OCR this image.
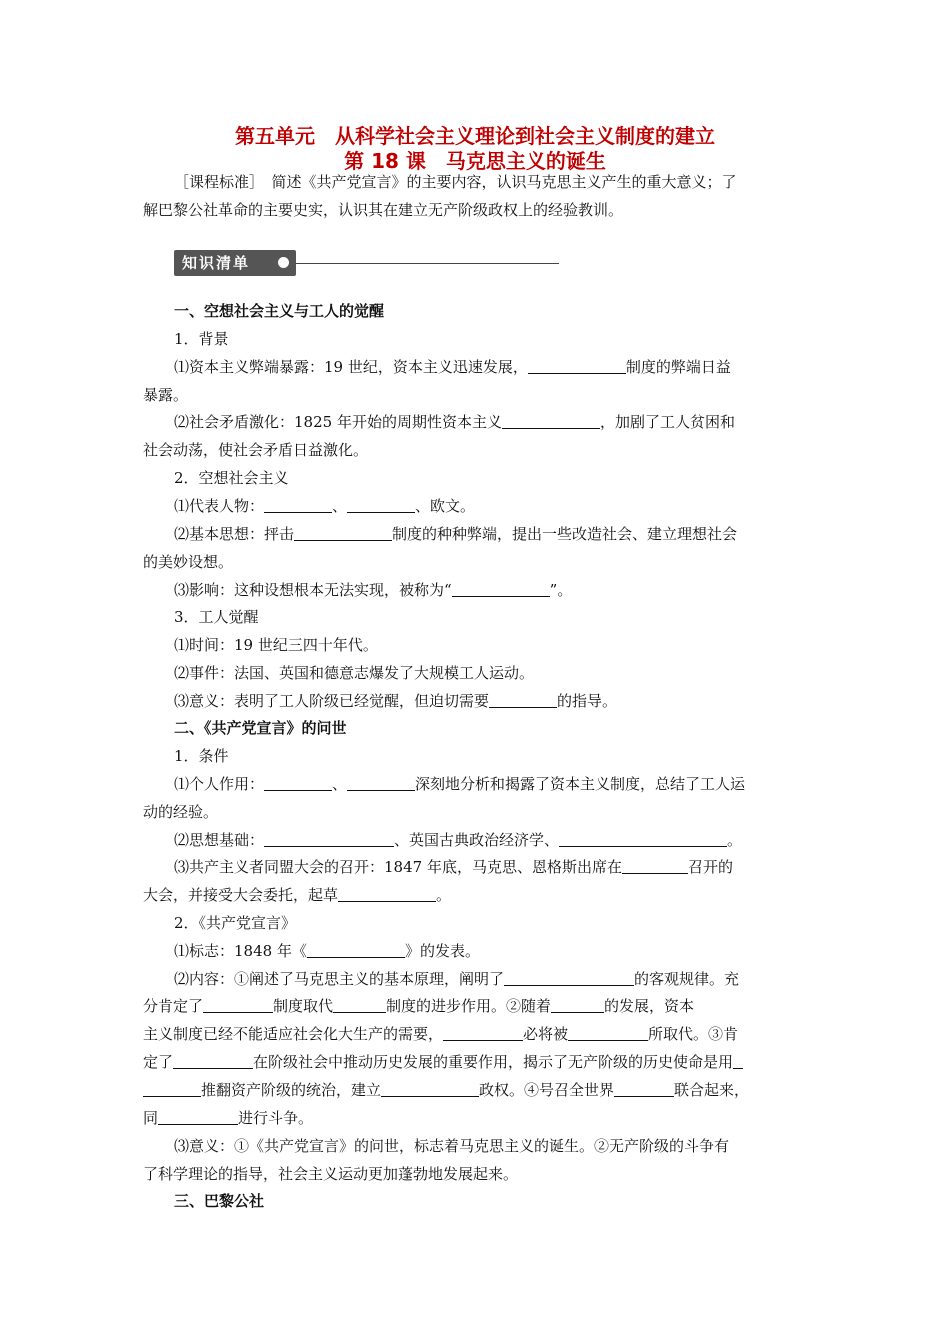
第五单元　从科学社会主义理论到社会主义制度的建立
第 18 课　马克思主义的诞生
［课程标准］　简述《共产党宣言》的主要内容，认识马克思主义产生的重大意义；了
解巴黎公社革命的主要史实，认识其在建立无产阶级政权上的经验教训。
知识清单
一、空想社会主义与工人的觉醒
1．背景
⑴资本主义弊端暴露：19 世纪，资本主义迅速发展，	制度的弊端日益
暴露。
⑵社会矛盾激化：1825 年开始的周期性资本主义	，加剧了工人贫困和
社会动荡，使社会矛盾日益激化。
2．空想社会主义
⑴代表人物：	、	、欧文。
⑵基本思想：抨击	制度的种种弊端，提出一些改造社会、建立理想社会
的美妙设想。
⑶影响：这种设想根本无法实现，被称为“	”。
3．工人觉醒
⑴时间：19 世纪三四十年代。
⑵事件：法国、英国和德意志爆发了大规模工人运动。
⑶意义：表明了工人阶级已经觉醒，但迫切需要	的指导。
二、《共产党宣言》的问世
1．条件
⑴个人作用：	、	深刻地分析和揭露了资本主义制度，总结了工人运
动的经验。
⑵思想基础：	、英国古典政治经济学、	。
⑶共产主义者同盟大会的召开：1847 年底，马克思、恩格斯出席在	召开的
大会，并接受大会委托，起草	。
2．《共产党宣言》
⑴标志：1848 年《	》的发表。
⑵内容：①阐述了马克思主义的基本原理，阐明了	的客观规律。充
分肯定了	制度取代	制度的进步作用。②随着	的发展，资本
主义制度已经不能适应社会化大生产的需要，	必将被	所取代。③肯
定了	在阶级社会中推动历史发展的重要作用，揭示了无产阶级的历史使命是用
推翻资产阶级的统治，建立	政权。④号召全世界	联合起来，
同	进行斗争。
⑶意义：①《共产党宣言》的问世，标志着马克思主义的诞生。②无产阶级的斗争有
了科学理论的指导，社会主义运动更加蓬勃地发展起来。
三、巴黎公社
